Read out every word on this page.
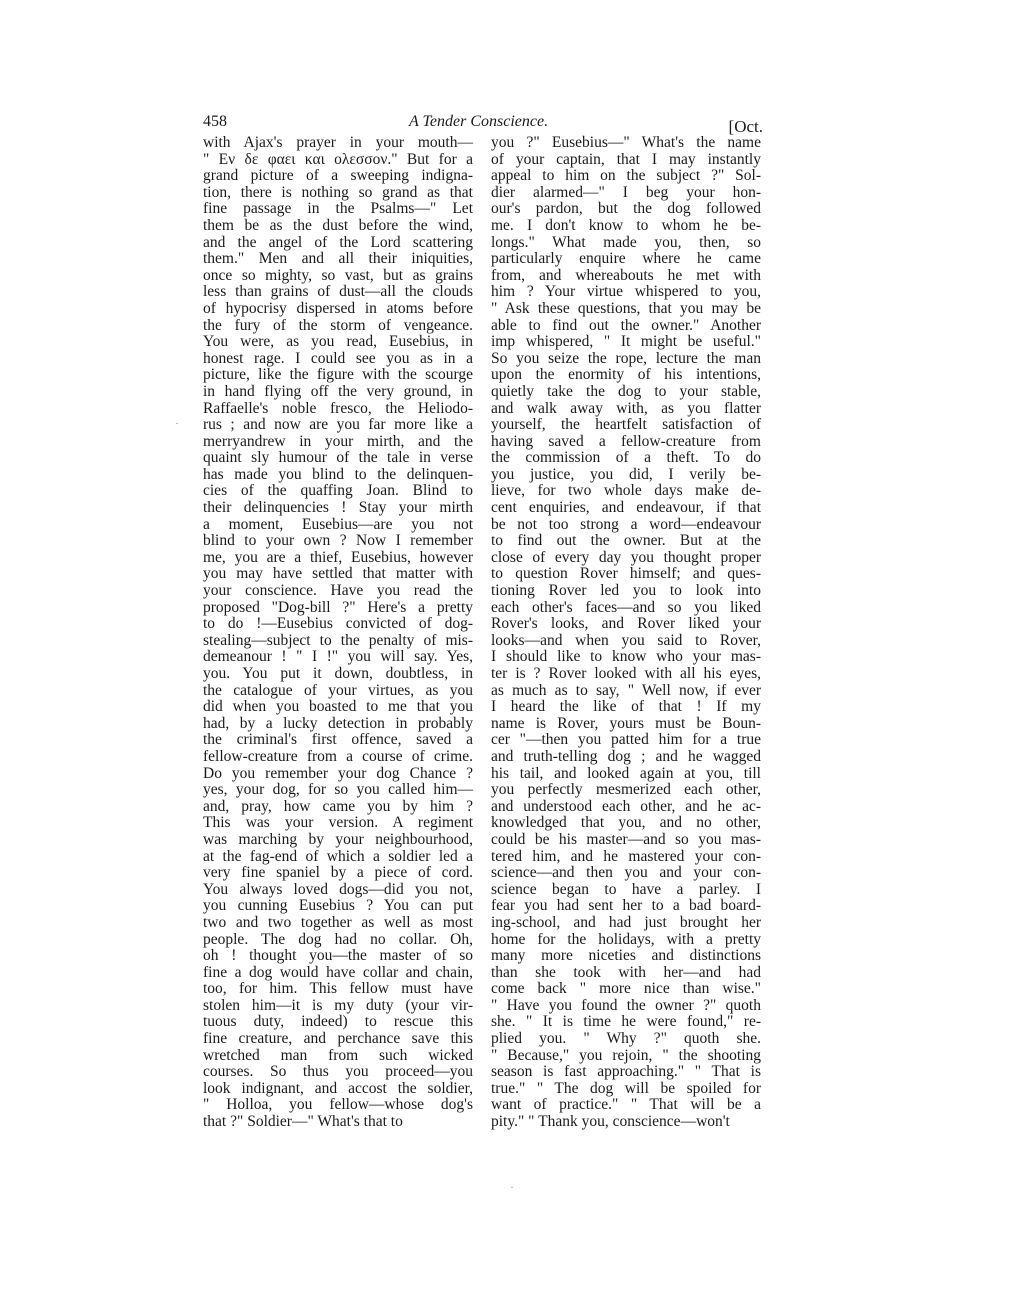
458	A Tender Conscience.	[Oct.
with Ajax's prayer in your mouth—
" Εν δε φαει και ολεσσον." But for a
grand picture of a sweeping indigna-
tion, there is nothing so grand as that
fine passage in the Psalms—" Let
them be as the dust before the wind,
and the angel of the Lord scattering
them." Men and all their iniquities,
once so mighty, so vast, but as grains
less than grains of dust—all the clouds
of hypocrisy dispersed in atoms before
the fury of the storm of vengeance.
You were, as you read, Eusebius, in
honest rage. I could see you as in a
picture, like the figure with the scourge
in hand flying off the very ground, in
Raffaelle's noble fresco, the Heliodo-
rus ; and now are you far more like a
merryandrew in your mirth, and the
quaint sly humour of the tale in verse
has made you blind to the delinquen-
cies of the quaffing Joan. Blind to
their delinquencies ! Stay your mirth
a moment, Eusebius—are you not
blind to your own ? Now I remember
me, you are a thief, Eusebius, however
you may have settled that matter with
your conscience. Have you read the
proposed "Dog-bill ?" Here's a pretty
to do !—Eusebius convicted of dog-
stealing—subject to the penalty of mis-
demeanour ! " I !" you will say. Yes,
you. You put it down, doubtless, in
the catalogue of your virtues, as you
did when you boasted to me that you
had, by a lucky detection in probably
the criminal's first offence, saved a
fellow-creature from a course of crime.
Do you remember your dog Chance ?
yes, your dog, for so you called him—
and, pray, how came you by him ?
This was your version. A regiment
was marching by your neighbourhood,
at the fag-end of which a soldier led a
very fine spaniel by a piece of cord.
You always loved dogs—did you not,
you cunning Eusebius ? You can put
two and two together as well as most
people. The dog had no collar. Oh,
oh ! thought you—the master of so
fine a dog would have collar and chain,
too, for him. This fellow must have
stolen him—it is my duty (your vir-
tuous duty, indeed) to rescue this
fine creature, and perchance save this
wretched man from such wicked
courses. So thus you proceed—you
look indignant, and accost the soldier,
" Holloa, you fellow—whose dog's
that ?" Soldier—" What's that to
you ?" Eusebius—" What's the name
of your captain, that I may instantly
appeal to him on the subject ?" Sol-
dier alarmed—" I beg your hon-
our's pardon, but the dog followed
me. I don't know to whom he be-
longs." What made you, then, so
particularly enquire where he came
from, and whereabouts he met with
him ? Your virtue whispered to you,
" Ask these questions, that you may be
able to find out the owner." Another
imp whispered, " It might be useful."
So you seize the rope, lecture the man
upon the enormity of his intentions,
quietly take the dog to your stable,
and walk away with, as you flatter
yourself, the heartfelt satisfaction of
having saved a fellow-creature from
the commission of a theft. To do
you justice, you did, I verily be-
lieve, for two whole days make de-
cent enquiries, and endeavour, if that
be not too strong a word—endeavour
to find out the owner. But at the
close of every day you thought proper
to question Rover himself; and ques-
tioning Rover led you to look into
each other's faces—and so you liked
Rover's looks, and Rover liked your
looks—and when you said to Rover,
I should like to know who your mas-
ter is ? Rover looked with all his eyes,
as much as to say, " Well now, if ever
I heard the like of that ! If my
name is Rover, yours must be Boun-
cer "—then you patted him for a true
and truth-telling dog ; and he wagged
his tail, and looked again at you, till
you perfectly mesmerized each other,
and understood each other, and he ac-
knowledged that you, and no other,
could be his master—and so you mas-
tered him, and he mastered your con-
science—and then you and your con-
science began to have a parley. I
fear you had sent her to a bad board-
ing-school, and had just brought her
home for the holidays, with a pretty
many more niceties and distinctions
than she took with her—and had
come back " more nice than wise."
" Have you found the owner ?" quoth
she. " It is time he were found," re-
plied you. " Why ?" quoth she.
" Because," you rejoin, " the shooting
season is fast approaching." " That is
true." " The dog will be spoiled for
want of practice." " That will be a
pity." " Thank you, conscience—won't
